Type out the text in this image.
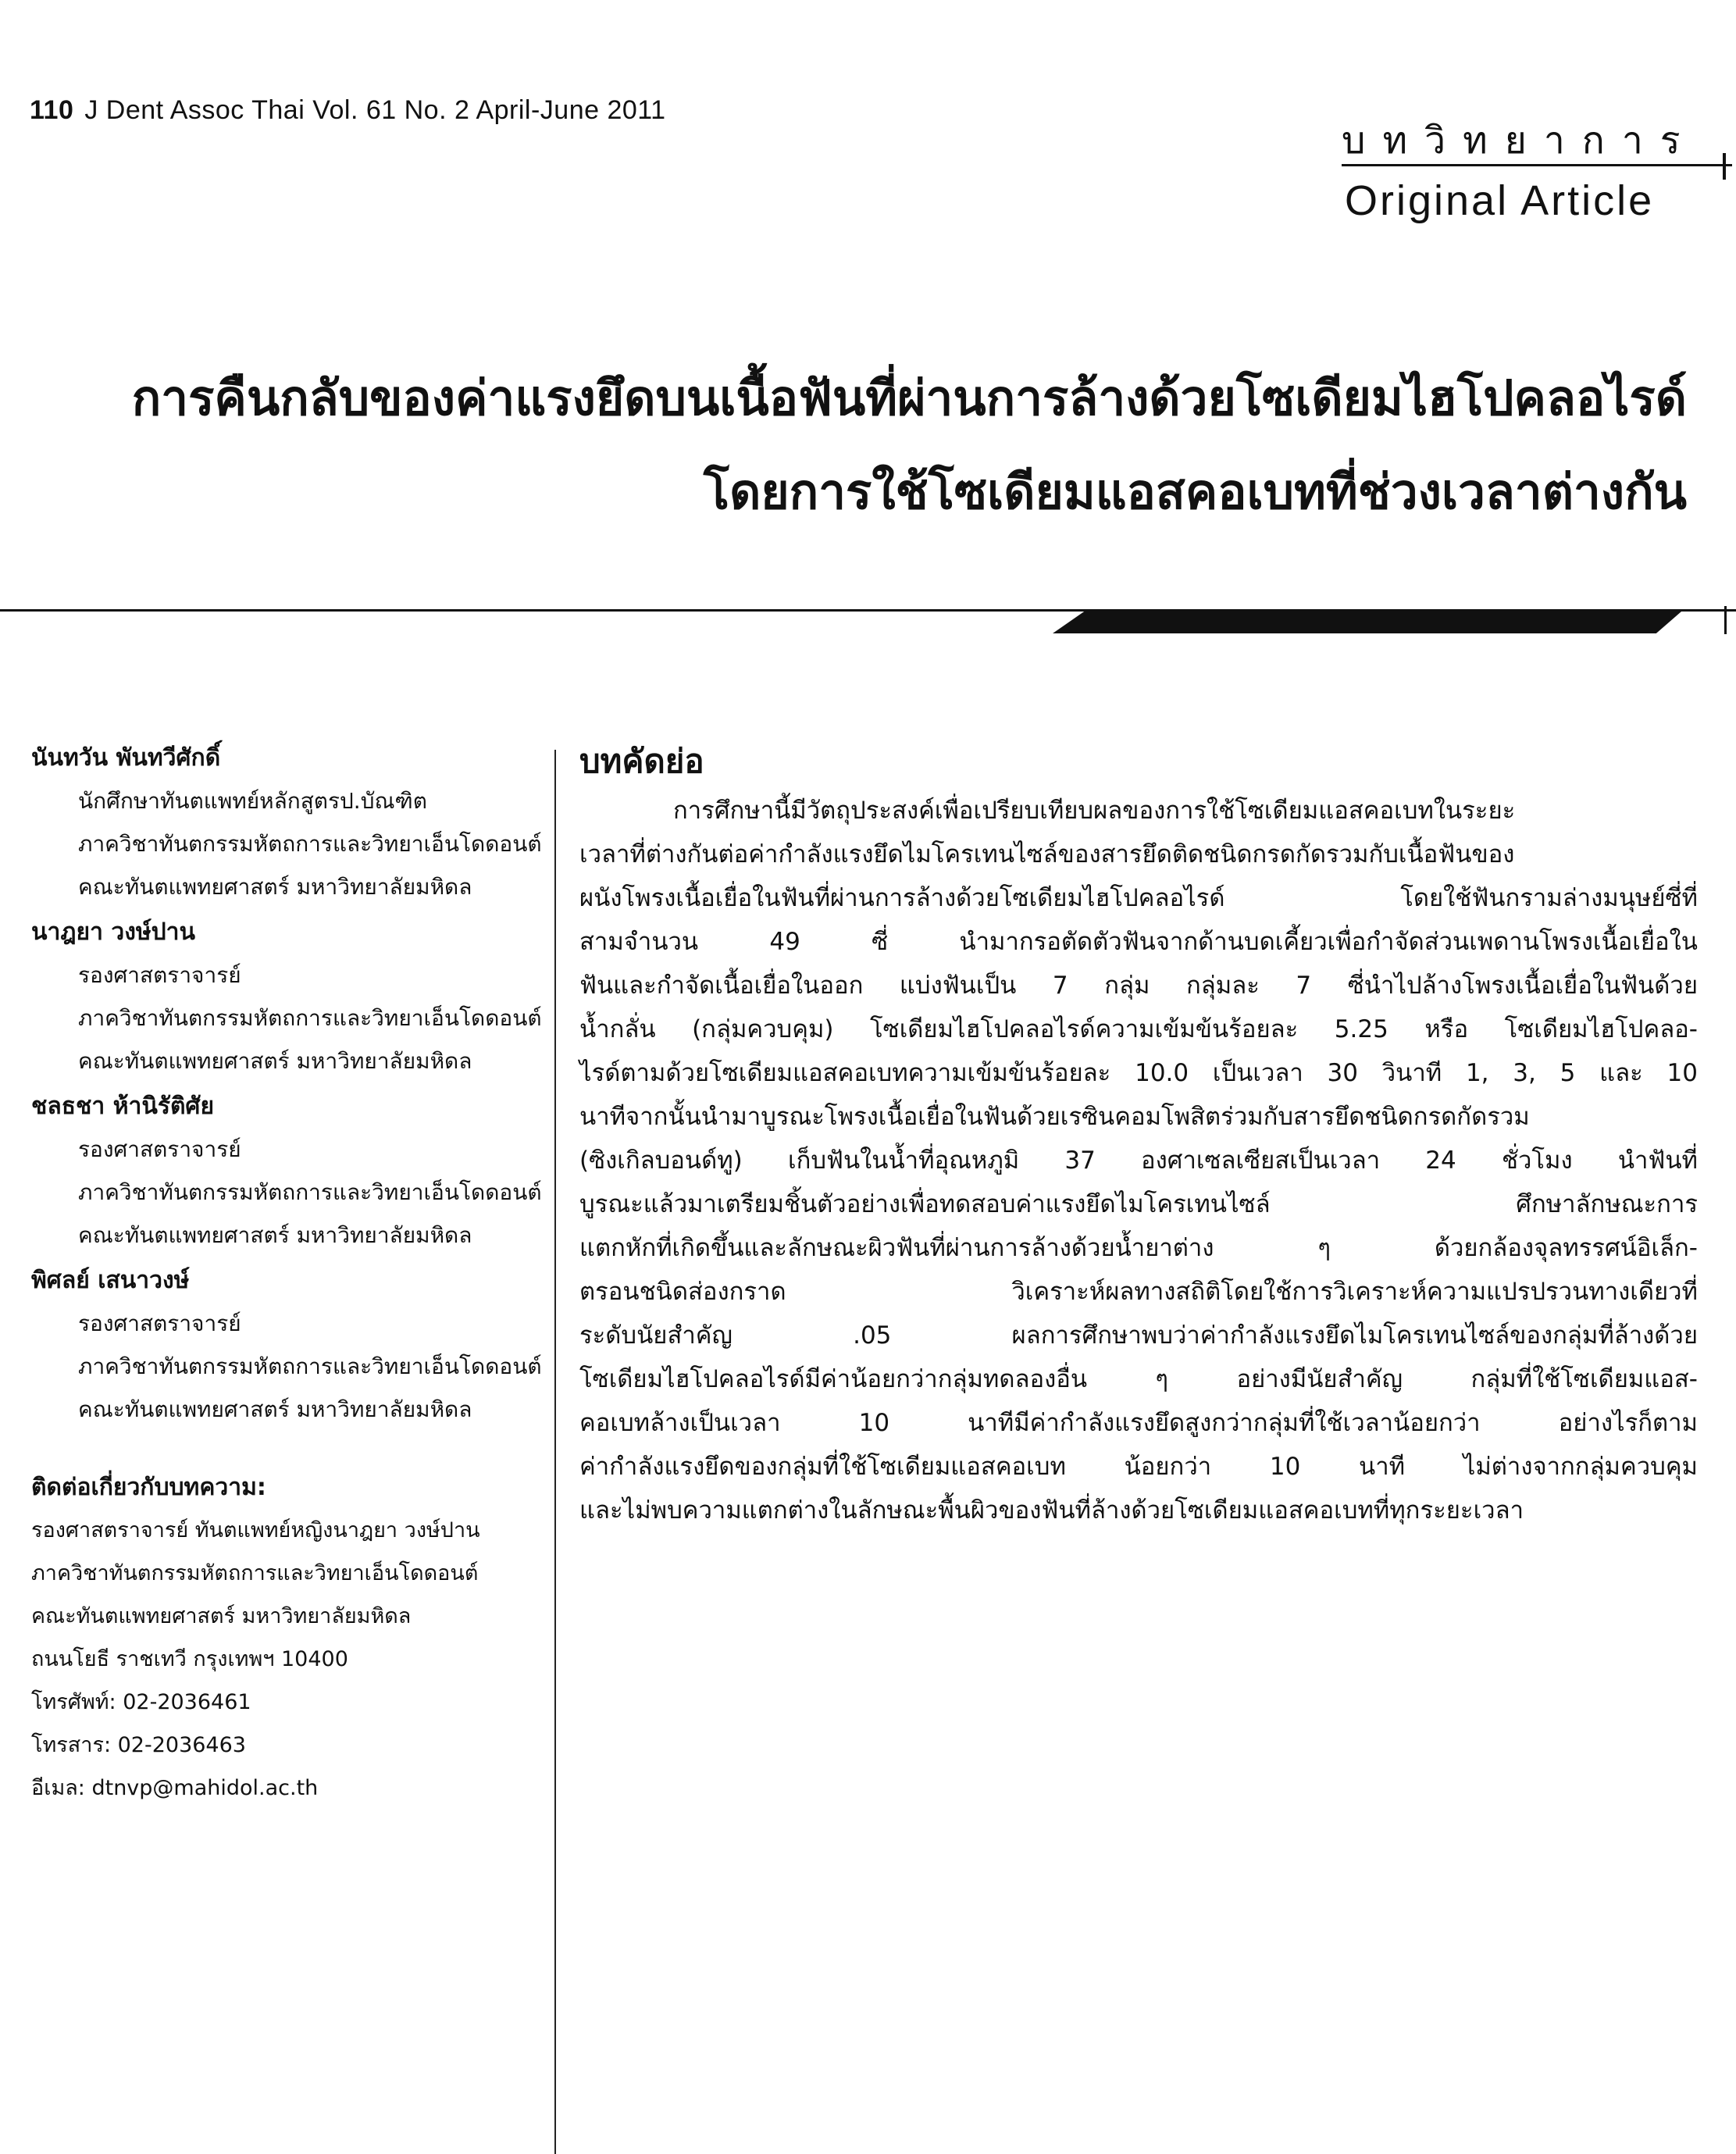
110 J Dent Assoc Thai Vol. 61 No. 2 April-June 2011
บทวิทยาการ
Original Article
การคืนกลับของค่าแรงยึดบนเนื้อฟันที่ผ่านการล้างด้วยโซเดียมไฮโปคลอไรด์
โดยการใช้โซเดียมแอสคอเบทที่ช่วงเวลาต่างกัน
นันทวัน พันทวีศักดิ์
นักศึกษาทันตแพทย์หลักสูตรป.บัณฑิต
ภาควิชาทันตกรรมหัตถการและวิทยาเอ็นโดดอนต์
คณะทันตแพทยศาสตร์ มหาวิทยาลัยมหิดล
นาฎยา วงษ์ปาน
รองศาสตราจารย์
ภาควิชาทันตกรรมหัตถการและวิทยาเอ็นโดดอนต์
คณะทันตแพทยศาสตร์ มหาวิทยาลัยมหิดล
ชลธชา ห้านิรัติศัย
รองศาสตราจารย์
ภาควิชาทันตกรรมหัตถการและวิทยาเอ็นโดดอนต์
คณะทันตแพทยศาสตร์ มหาวิทยาลัยมหิดล
พิศลย์ เสนาวงษ์
รองศาสตราจารย์
ภาควิชาทันตกรรมหัตถการและวิทยาเอ็นโดดอนต์
คณะทันตแพทยศาสตร์ มหาวิทยาลัยมหิดล
ติดต่อเกี่ยวกับบทความ:
รองศาสตราจารย์ ทันตแพทย์หญิงนาฎยา วงษ์ปาน
ภาควิชาทันตกรรมหัตถการและวิทยาเอ็นโดดอนต์
คณะทันตแพทยศาสตร์ มหาวิทยาลัยมหิดล
ถนนโยธี ราชเทวี กรุงเทพฯ 10400
โทรศัพท์: 02-2036461
โทรสาร: 02-2036463
อีเมล: dtnvp@mahidol.ac.th
บทคัดย่อ
การศึกษานี้มีวัตถุประสงค์เพื่อเปรียบเทียบผลของการใช้โซเดียมแอสคอเบทในระยะ
เวลาที่ต่างกันต่อค่ากำลังแรงยึดไมโครเทนไซล์ของสารยึดติดชนิดกรดกัดรวมกับเนื้อฟันของ
ผนังโพรงเนื้อเยื่อในฟันที่ผ่านการล้างด้วยโซเดียมไฮโปคลอไรด์ โดยใช้ฟันกรามล่างมนุษย์ซี่ที่
สามจำนวน 49 ซี่ นำมากรอตัดตัวฟันจากด้านบดเคี้ยวเพื่อกำจัดส่วนเพดานโพรงเนื้อเยื่อใน
ฟันและกำจัดเนื้อเยื่อในออก แบ่งฟันเป็น 7 กลุ่ม กลุ่มละ 7 ซี่นำไปล้างโพรงเนื้อเยื่อในฟันด้วย
น้ำกลั่น (กลุ่มควบคุม) โซเดียมไฮโปคลอไรด์ความเข้มข้นร้อยละ 5.25 หรือ โซเดียมไฮโปคลอ-
ไรด์ตามด้วยโซเดียมแอสคอเบทความเข้มข้นร้อยละ 10.0 เป็นเวลา 30 วินาที 1, 3, 5 และ 10
นาทีจากนั้นนำมาบูรณะโพรงเนื้อเยื่อในฟันด้วยเรซินคอมโพสิตร่วมกับสารยึดชนิดกรดกัดรวม
(ซิงเกิลบอนด์ทู) เก็บฟันในน้ำที่อุณหภูมิ 37 องศาเซลเซียสเป็นเวลา 24 ชั่วโมง นำฟันที่
บูรณะแล้วมาเตรียมชิ้นตัวอย่างเพื่อทดสอบค่าแรงยึดไมโครเทนไซล์ ศึกษาลักษณะการ
แตกหักที่เกิดขึ้นและลักษณะผิวฟันที่ผ่านการล้างด้วยน้ำยาต่าง ๆ ด้วยกล้องจุลทรรศน์อิเล็ก-
ตรอนชนิดส่องกราด วิเคราะห์ผลทางสถิติโดยใช้การวิเคราะห์ความแปรปรวนทางเดียวที่
ระดับนัยสำคัญ .05 ผลการศึกษาพบว่าค่ากำลังแรงยึดไมโครเทนไซล์ของกลุ่มที่ล้างด้วย
โซเดียมไฮโปคลอไรด์มีค่าน้อยกว่ากลุ่มทดลองอื่น ๆ อย่างมีนัยสำคัญ กลุ่มที่ใช้โซเดียมแอส-
คอเบทล้างเป็นเวลา 10 นาทีมีค่ากำลังแรงยึดสูงกว่ากลุ่มที่ใช้เวลาน้อยกว่า อย่างไรก็ตาม
ค่ากำลังแรงยึดของกลุ่มที่ใช้โซเดียมแอสคอเบท น้อยกว่า 10 นาที ไม่ต่างจากกลุ่มควบคุม
และไม่พบความแตกต่างในลักษณะพื้นผิวของฟันที่ล้างด้วยโซเดียมแอสคอเบทที่ทุกระยะเวลา
